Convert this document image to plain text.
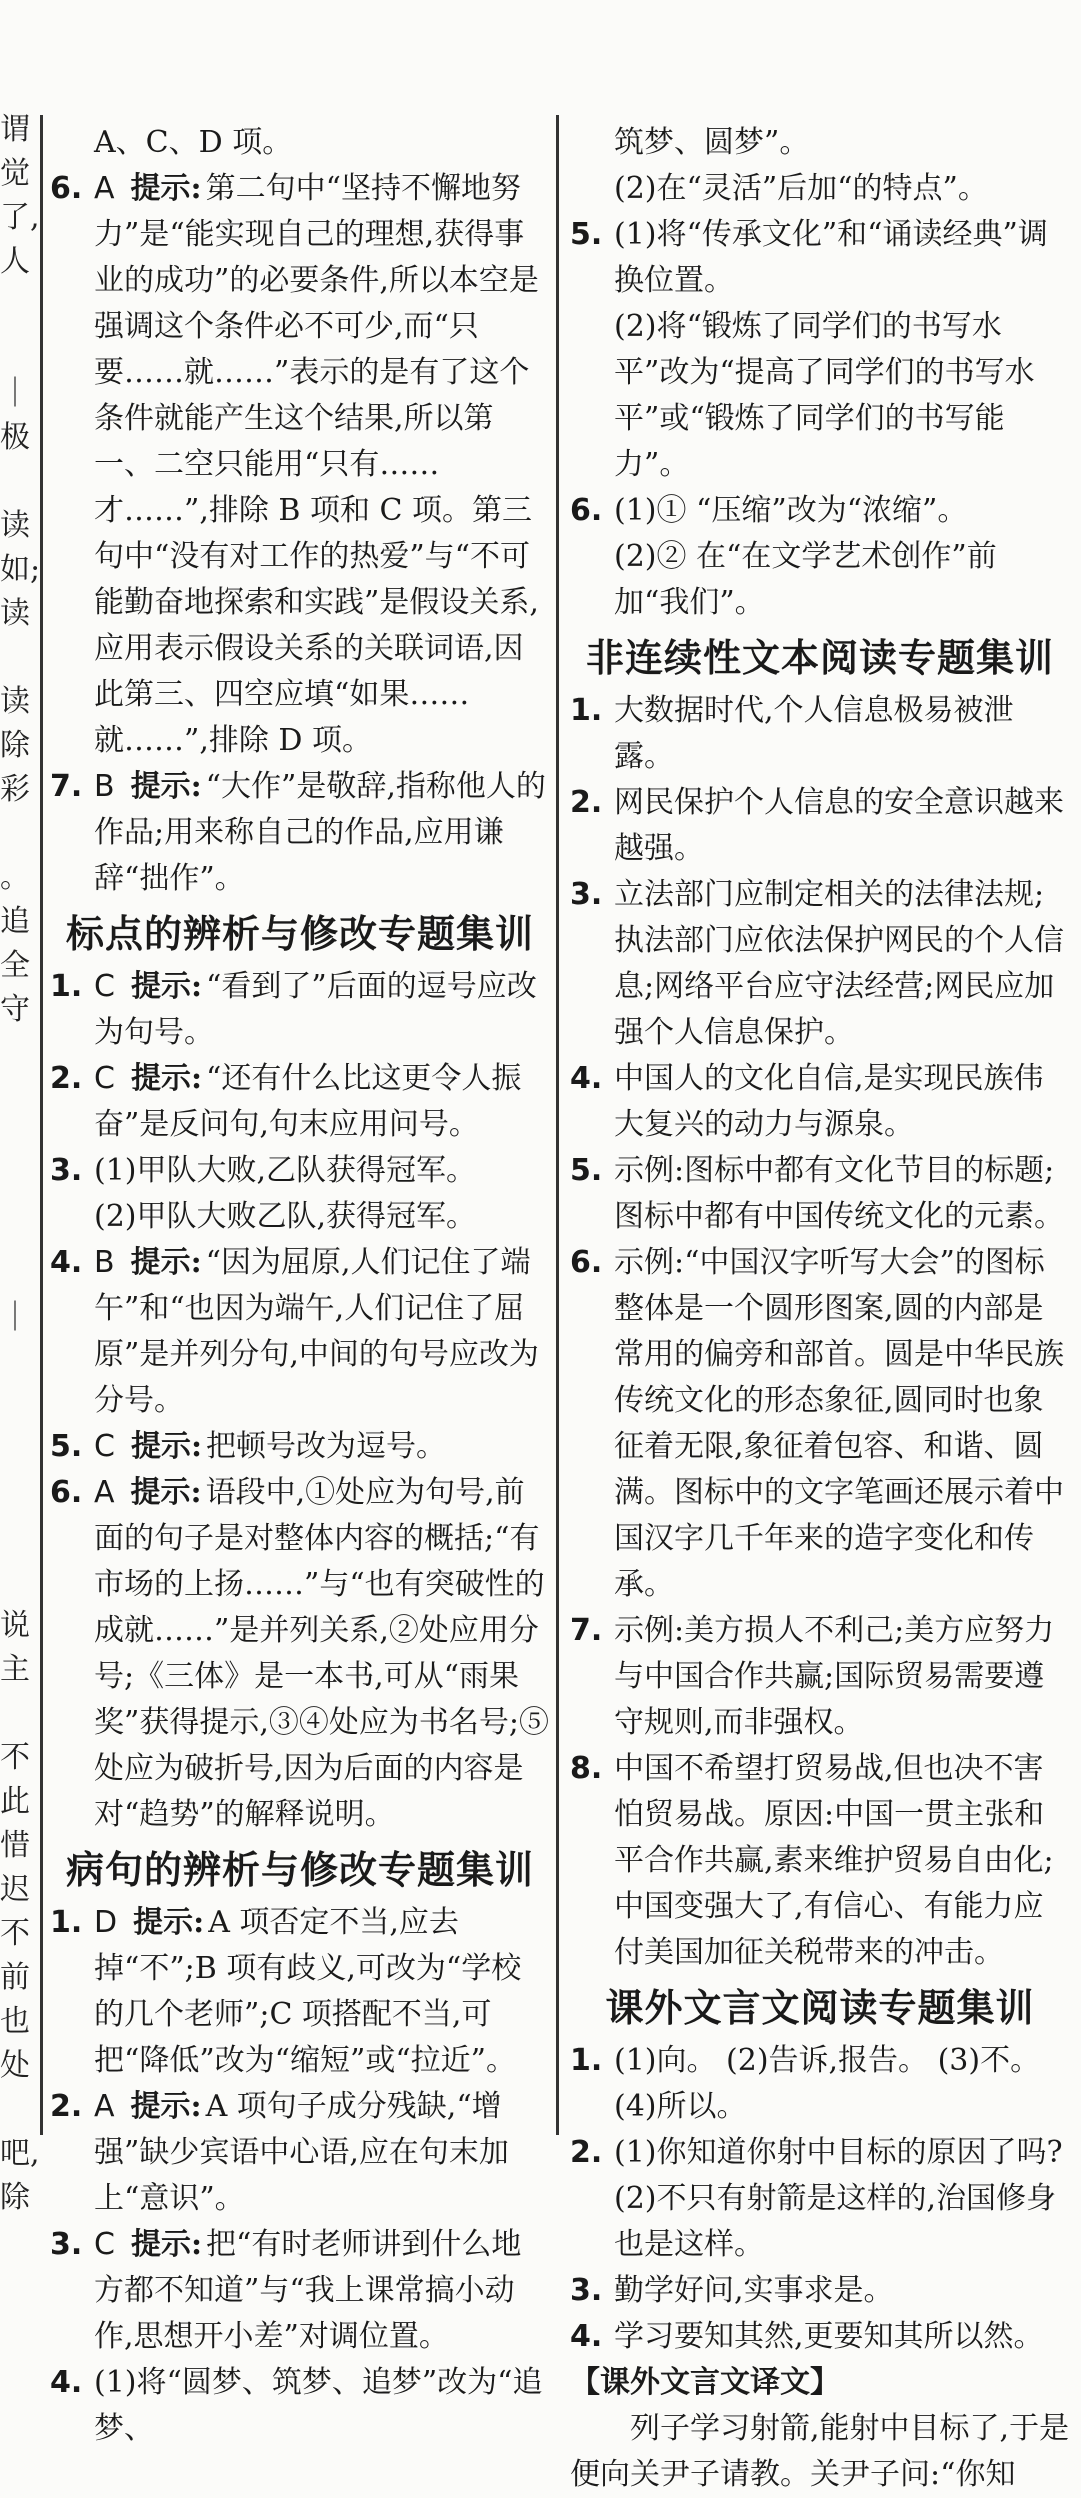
谓
觉
了,
人
｜
极
读
如;
读
读
除
彩
。
追
全
守
｜
说
主
不
此
惜
迟
不
前
也
处
吧,
除

A、C、D 项。

6. A 提示: 第二句中“坚持不懈地努力”是“能实现自己的理想,获得事业的成功”的必要条件,所以本空是强调这个条件必不可少,而“只要……就……”表示的是有了这个条件就能产生这个结果,所以第一、二空只能用“只有……才……”,排除 B 项和 C 项。第三句中“没有对工作的热爱”与“不可能勤奋地探索和实践”是假设关系,应用表示假设关系的关联词语,因此第三、四空应填“如果……就……”,排除 D 项。

7. B 提示: “大作”是敬辞,指称他人的作品;用来称自己的作品,应用谦辞“拙作”。

标点的辨析与修改专题集训

1. C 提示: “看到了”后面的逗号应改为句号。

2. C 提示: “还有什么比这更令人振奋”是反问句,句末应用问号。

3. (1)甲队大败,乙队获得冠军。

(2)甲队大败乙队,获得冠军。

4. B 提示: “因为屈原,人们记住了端午”和“也因为端午,人们记住了屈原”是并列分句,中间的句号应改为分号。

5. C 提示: 把顿号改为逗号。

6. A 提示: 语段中,①处应为句号,前面的句子是对整体内容的概括;“有市场的上扬……”与“也有突破性的成就……”是并列关系,②处应用分号;《三体》是一本书,可从“雨果奖”获得提示,③④处应为书名号;⑤处应为破折号,因为后面的内容是对“趋势”的解释说明。

病句的辨析与修改专题集训

1. D 提示: A 项否定不当,应去掉“不”;B 项有歧义,可改为“学校的几个老师”;C 项搭配不当,可把“降低”改为“缩短”或“拉近”。

2. A 提示: A 项句子成分残缺,“增强”缺少宾语中心语,应在句末加上“意识”。

3. C 提示: 把“有时老师讲到什么地方都不知道”与“我上课常搞小动作,思想开小差”对调位置。

4. (1)将“圆梦、筑梦、追梦”改为“追梦、

筑梦、圆梦”。

(2)在“灵活”后加“的特点”。

5. (1)将“传承文化”和“诵读经典”调换位置。

(2)将“锻炼了同学们的书写水平”改为“提高了同学们的书写水平”或“锻炼了同学们的书写能力”。

6. (1)① “压缩”改为“浓缩”。

(2)② 在“在文学艺术创作”前加“我们”。

非连续性文本阅读专题集训

1. 大数据时代,个人信息极易被泄露。

2. 网民保护个人信息的安全意识越来越强。

3. 立法部门应制定相关的法律法规;执法部门应依法保护网民的个人信息;网络平台应守法经营;网民应加强个人信息保护。

4. 中国人的文化自信,是实现民族伟大复兴的动力与源泉。

5. 示例:图标中都有文化节目的标题;图标中都有中国传统文化的元素。

6. 示例:“中国汉字听写大会”的图标整体是一个圆形图案,圆的内部是常用的偏旁和部首。圆是中华民族传统文化的形态象征,圆同时也象征着无限,象征着包容、和谐、圆满。图标中的文字笔画还展示着中国汉字几千年来的造字变化和传承。

7. 示例:美方损人不利己;美方应努力与中国合作共赢;国际贸易需要遵守规则,而非强权。

8. 中国不希望打贸易战,但也决不害怕贸易战。原因:中国一贯主张和平合作共赢,素来维护贸易自由化;中国变强大了,有信心、有能力应付美国加征关税带来的冲击。

课外文言文阅读专题集训

1. (1)向。 (2)告诉,报告。 (3)不。

(4)所以。

2. (1)你知道你射中目标的原因了吗?

(2)不只有射箭是这样的,治国修身也是这样。

3. 勤学好问,实事求是。

4. 学习要知其然,更要知其所以然。

【课外文言文译文】

列子学习射箭,能射中目标了,于是便向关尹子请教。关尹子问:“你知
